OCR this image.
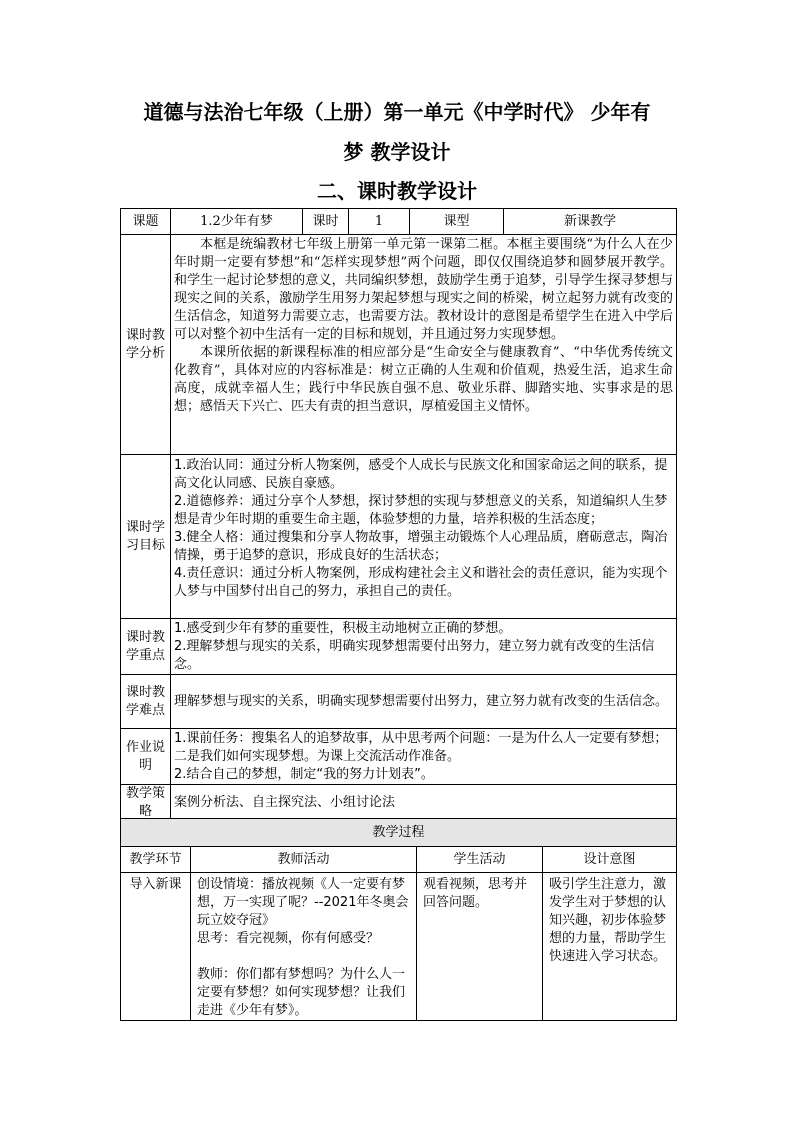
道德与法治七年级（上册）第一单元《中学时代》 少年有
梦 教学设计
二、课时教学设计
课题	1.2少年有梦	课时	1	课型	新课教学
课时教学分析	本框是统编教材七年级上册第一单元第一课第二框。本框主要围绕“为什么人在少年时期一定要有梦想”和“怎样实现梦想”两个问题，即仅仅围绕追梦和圆梦展开教学。和学生一起讨论梦想的意义，共同编织梦想，鼓励学生勇于追梦，引导学生探寻梦想与现实之间的关系，激励学生用努力架起梦想与现实之间的桥梁，树立起努力就有改变的生活信念，知道努力需要立志，也需要方法。教材设计的意图是希望学生在进入中学后可以对整个初中生活有一定的目标和规划，并且通过努力实现梦想。

本课所依据的新课程标准的相应部分是“生命安全与健康教育”、“中华优秀传统文化教育”，具体对应的内容标准是：树立正确的人生观和价值观，热爱生活，追求生命高度，成就幸福人生；践行中华民族自强不息、敬业乐群、脚踏实地、实事求是的思想；感悟天下兴亡、匹夫有责的担当意识，厚植爱国主义情怀。				

课时学习目标	1.政治认同：通过分析人物案例，感受个人成长与民族文化和国家命运之间的联系，提高文化认同感、民族自豪感。

2.道德修养：通过分享个人梦想，探讨梦想的实现与梦想意义的关系，知道编织人生梦想是青少年时期的重要生命主题，体验梦想的力量，培养积极的生活态度；

3.健全人格：通过搜集和分享人物故事，增强主动锻炼个人心理品质，磨砺意志，陶冶情操，勇于追梦的意识，形成良好的生活状态；

4.责任意识：通过分析人物案例，形成构建社会主义和谐社会的责任意识，能为实现个人梦与中国梦付出自己的努力，承担自己的责任。				

课时教学重点	1.感受到少年有梦的重要性，积极主动地树立正确的梦想。

2.理解梦想与现实的关系，明确实现梦想需要付出努力，建立努力就有改变的生活信念。				

课时教学难点	理解梦想与现实的关系，明确实现梦想需要付出努力，建立努力就有改变的生活信念。				

作业说明	1.课前任务：搜集名人的追梦故事，从中思考两个问题：一是为什么人一定要有梦想；二是我们如何实现梦想。为课上交流活动作准备。

2.结合自己的梦想，制定“我的努力计划表”。				

教学策略	案例分析法、自主探究法、小组讨论法				

教学过程			
教学环节	教师活动	学生活动	设计意图
导入新课	创设情境：播放视频《人一定要有梦想，万一实现了呢？--2021年冬奥会玩立姣夺冠》

思考：看完视频，你有何感受？

教师：你们都有梦想吗？为什么人一定要有梦想？如何实现梦想？让我们走进《少年有梦》。	观看视频，思考并回答问题。	吸引学生注意力，激发学生对于梦想的认知兴趣，初步体验梦想的力量，帮助学生快速进入学习状态。
